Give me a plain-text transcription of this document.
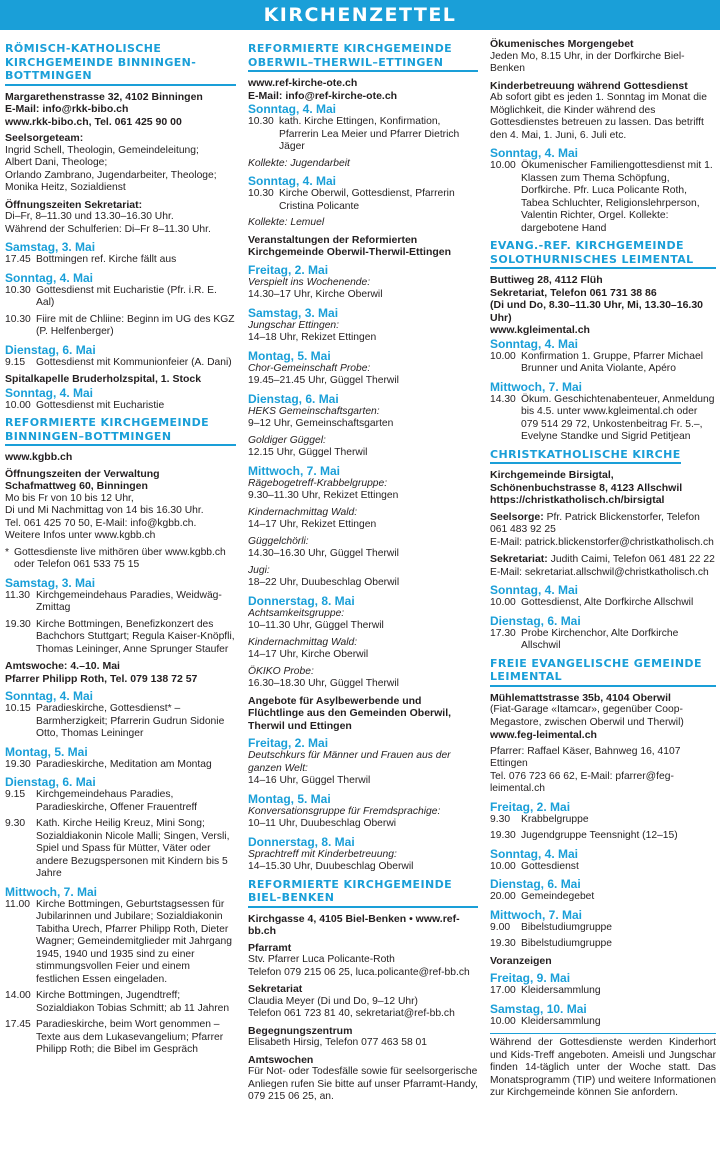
KIRCHENZETTEL
RÖMISCH-KATHOLISCHE KIRCHGEMEINDE BINNINGEN-BOTTMINGEN
Margarethenstrasse 32, 4102 Binningen
E-Mail: info@rkk-bibo.ch
www.rkk-bibo.ch, Tel. 061 425 90 00
Seelsorgeteam:
Ingrid Schell, Theologin, Gemeindeleitung;
Albert Dani, Theologe;
Orlando Zambrano, Jugendarbeiter, Theologe;
Monika Heitz, Sozialdienst
Öffnungszeiten Sekretariat:
Di–Fr, 8–11.30 und 13.30–16.30 Uhr.
Während der Schulferien: Di–Fr 8–11.30 Uhr.
Samstag, 3. Mai
17.45 Bottmingen ref. Kirche fällt aus
Sonntag, 4. Mai
10.30 Gottesdienst mit Eucharistie (Pfr. i.R. E. Aal)
10.30 Fiire mit de Chliine: Beginn im UG des KGZ (P. Helfenberger)
Dienstag, 6. Mai
9.15	Gottesdienst mit Kommunionfeier (A. Dani)
Spitalkapelle Bruderholzspital, 1. Stock
Sonntag, 4. Mai
10.00 Gottesdienst mit Eucharistie
REFORMIERTE KIRCHGEMEINDE BINNINGEN–BOTTMINGEN
www.kgbb.ch
Öffnungszeiten der Verwaltung
Schafmattweg 60, Binningen
Mo bis Fr von 10 bis 12 Uhr,
Di und Mi Nachmittag von 14 bis 16.30 Uhr.
Tel. 061 425 70 50, E-Mail: info@kgbb.ch.
Weitere Infos unter www.kgbb.ch
* Gottesdienste live mithören über www.kgbb.ch oder Telefon 061 533 75 15
Samstag, 3. Mai
11.30 Kirchgemeindehaus Paradies, Weidwäg-Zmittag
19.30 Kirche Bottmingen, Benefizkonzert des Bachchors Stuttgart; Regula Kaiser-Knöpfli, Thomas Leininger, Anne Sprunger Staufer
Amtswoche: 4.–10. Mai
Pfarrer Philipp Roth, Tel. 079 138 72 57
Sonntag, 4. Mai
10.15 Paradieskirche, Gottesdienst* – Barmherzigkeit; Pfarrerin Gudrun Sidonie Otto, Thomas Leininger
Montag, 5. Mai
19.30 Paradieskirche, Meditation am Montag
Dienstag, 6. Mai
9.15	Kirchgemeindehaus Paradies, Paradieskirche, Offener Frauentreff
9.30	Kath. Kirche Heilig Kreuz, Mini Song; Sozialdiakonin Nicole Malli; Singen, Versli, Spiel und Spass für Mütter, Väter oder andere Bezugspersonen mit Kindern bis 5 Jahre
Mittwoch, 7. Mai
11.00 Kirche Bottmingen, Geburtstagsessen für Jubilarinnen und Jubilare; Sozialdiakonin Tabitha Urech, Pfarrer Philipp Roth, Dieter Wagner; Gemeindemitglieder mit Jahrgang 1945, 1940 und 1935 sind zu einer stimmungsvollen Feier und einem festlichen Essen eingeladen.
14.00 Kirche Bottmingen, Jugendtreff; Sozialdiakon Tobias Schmitt; ab 11 Jahren
17.45 Paradieskirche, beim Wort genommen – Texte aus dem Lukasevangelium; Pfarrer Philipp Roth; die Bibel im Gespräch
REFORMIERTE KIRCHGEMEINDE OBERWIL–THERWIL–ETTINGEN
www.ref-kirche-ote.ch
E-Mail: info@ref-kirche-ote.ch
Sonntag, 4. Mai
10.30 kath. Kirche Ettingen, Konfirmation, Pfarrerin Lea Meier und Pfarrer Dietrich Jäger
Kollekte: Jugendarbeit
Sonntag, 4. Mai
10.30 Kirche Oberwil, Gottesdienst, Pfarrerin Cristina Policante
Kollekte: Lemuel
Veranstaltungen der Reformierten Kirchgemeinde Oberwil-Therwil-Ettingen
Freitag, 2. Mai
Verspielt ins Wochenende:
14.30–17 Uhr, Kirche Oberwil
Samstag, 3. Mai
Jungschar Ettingen:
14–18 Uhr, Rekizet Ettingen
Montag, 5. Mai
Chor-Gemeinschaft Probe:
19.45–21.45 Uhr, Güggel Therwil
Dienstag, 6. Mai
HEKS Gemeinschaftsgarten:
9–12 Uhr, Gemeinschaftsgarten
Goldiger Güggel:
12.15 Uhr, Güggel Therwil
Mittwoch, 7. Mai
Rägebogetreff-Krabbelgruppe:
9.30–11.30 Uhr, Rekizet Ettingen
Kindernachmittag Wald:
14–17 Uhr, Rekizet Ettingen
Güggelchörli:
14.30–16.30 Uhr, Güggel Therwil
Jugi:
18–22 Uhr, Duubeschlag Oberwil
Donnerstag, 8. Mai
Achtsamkeitsgruppe:
10–11.30 Uhr, Güggel Therwil
Kindernachmittag Wald:
14–17 Uhr, Kirche Oberwil
ÖKIKO Probe:
16.30–18.30 Uhr, Güggel Therwil
Angebote für Asylbewerbende und Flüchtlinge aus den Gemeinden Oberwil, Therwil und Ettingen
Freitag, 2. Mai
Deutschkurs für Männer und Frauen aus der ganzen Welt:
14–16 Uhr, Güggel Therwil
Montag, 5. Mai
Konversationsgruppe für Fremdsprachige:
10–11 Uhr, Duubeschlag Oberwi
Donnerstag, 8. Mai
Sprachtreff mit Kinderbetreuung:
14–15.30 Uhr, Duubeschlag Oberwil
REFORMIERTE KIRCHGEMEINDE BIEL-BENKEN
Kirchgasse 4, 4105 Biel-Benken • www.ref-bb.ch
Pfarramt
Stv. Pfarrer Luca Policante-Roth
Telefon 079 215 06 25, luca.policante@ref-bb.ch
Sekretariat
Claudia Meyer (Di und Do, 9–12 Uhr)
Telefon 061 723 81 40, sekretariat@ref-bb.ch
Begegnungszentrum
Elisabeth Hirsig, Telefon 077 463 58 01
Amtswochen
Für Not- oder Todesfälle sowie für seelsorgerische Anliegen rufen Sie bitte auf unser Pfarramt-Handy, 079 215 06 25, an.
Ökumenisches Morgengebet
Jeden Mo, 8.15 Uhr, in der Dorfkirche Biel-Benken
Kinderbetreuung während Gottesdienst
Ab sofort gibt es jeden 1. Sonntag im Monat die Möglichkeit, die Kinder während des Gottesdienstes betreuen zu lassen. Das betrifft den 4. Mai, 1. Juni, 6. Juli etc.
Sonntag, 4. Mai
10.00 Ökumenischer Familiengottesdienst mit 1. Klassen zum Thema Schöpfung, Dorfkirche. Pfr. Luca Policante Roth, Tabea Schluchter, Religionslehrperson, Valentin Richter, Orgel. Kollekte: dargebotene Hand
EVANG.-REF. KIRCHGEMEINDE SOLOTHURNISCHES LEIMENTAL
Buttiweg 28, 4112 Flüh
Sekretariat, Telefon 061 731 38 86
(Di und Do, 8.30–11.30 Uhr, Mi, 13.30–16.30 Uhr)
www.kgleimental.ch
Sonntag, 4. Mai
10.00 Konfirmation 1. Gruppe, Pfarrer Michael Brunner und Anita Violante, Apéro
Mittwoch, 7. Mai
14.30 Ökum. Geschichtenabenteuer, Anmeldung bis 4.5. unter www.kgleimental.ch oder 079 514 29 72, Unkostenbeitrag Fr. 5.–, Evelyne Standke und Sigrid Petitjean
CHRISTKATHOLISCHE KIRCHE
Kirchgemeinde Birsigtal, Schönenbuchstrasse 8, 4123 Allschwil
https://christkatholisch.ch/birsigtal
Seelsorge: Pfr. Patrick Blickenstorfer, Telefon 061 483 92 25
E-Mail: patrick.blickenstorfer@christkatholisch.ch
Sekretariat: Judith Caimi, Telefon 061 481 22 22
E-Mail: sekretariat.allschwil@christkatholisch.ch
Sonntag, 4. Mai
10.00 Gottesdienst, Alte Dorfkirche Allschwil
Dienstag, 6. Mai
17.30 Probe Kirchenchor, Alte Dorfkirche Allschwil
FREIE EVANGELISCHE GEMEINDE LEIMENTAL
Mühlemattstrasse 35b, 4104 Oberwil
(Fiat-Garage «Itamcar», gegenüber Coop-Megastore, zwischen Oberwil und Therwil)
www.feg-leimental.ch
Pfarrer: Raffael Käser, Bahnweg 16, 4107 Ettingen
Tel. 076 723 66 62, E-Mail: pfarrer@feg-leimental.ch
Freitag, 2. Mai
9.30	Krabbelgruppe
19.30 Jugendgruppe Teensnight (12–15)
Sonntag, 4. Mai
10.00 Gottesdienst
Dienstag, 6. Mai
20.00 Gemeindegebet
Mittwoch, 7. Mai
9.00	Bibelstudiumgruppe
19.30 Bibelstudiumgruppe
Voranzeigen
Freitag, 9. Mai
17.00 Kleidersammlung
Samstag, 10. Mai
10.00 Kleidersammlung
Während der Gottesdienste werden Kinderhort und Kids-Treff angeboten. Ameisli und Jungschar finden 14-täglich unter der Woche statt. Das Monatsprogramm (TIP) und weitere Informationen zur Kirchgemeinde können Sie anfordern.
